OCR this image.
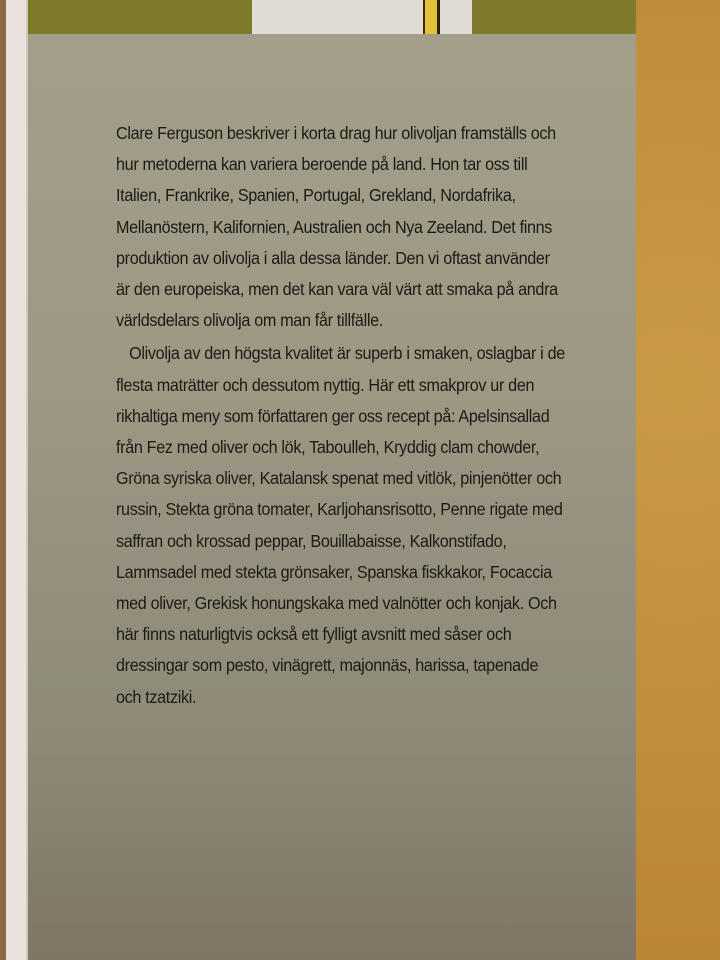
Clare Ferguson beskriver i korta drag hur olivoljan framställs och hur metoderna kan variera beroende på land. Hon tar oss till Italien, Frankrike, Spanien, Portugal, Grekland, Nordafrika, Mellanöstern, Kalifornien, Australien och Nya Zeeland. Det finns produktion av olivolja i alla dessa länder. Den vi oftast använder är den europeiska, men det kan vara väl värt att smaka på andra världsdelars olivolja om man får tillfälle.

Olivolja av den högsta kvalitet är superb i smaken, oslagbar i de flesta maträtter och dessutom nyttig. Här ett smakprov ur den rikhaltiga meny som författaren ger oss recept på: Apelsinsallad från Fez med oliver och lök, Taboulleh, Kryddig clam chowder, Gröna syriska oliver, Katalansk spenat med vitlök, pinjenötter och russin, Stekta gröna tomater, Karljohansrisotto, Penne rigate med saffran och krossad peppar, Bouillabaisse, Kalkonstifado, Lammsadel med stekta grönsaker, Spanska fiskkakor, Focaccia med oliver, Grekisk honungskaka med valnötter och konjak. Och här finns naturligtvis också ett fylligt avsnitt med såser och dressingar som pesto, vinägrett, majonnäs, harissa, tapenade och tzatziki.
